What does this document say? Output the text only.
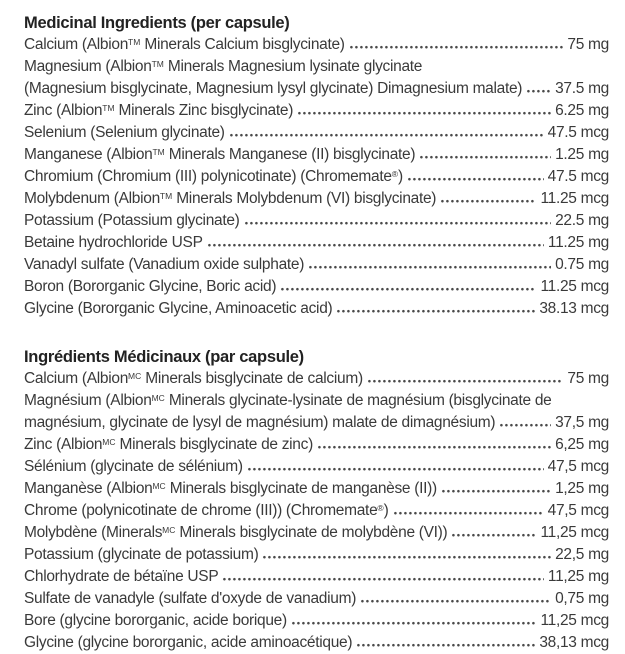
Medicinal Ingredients (per capsule)
Calcium (Albion™ Minerals Calcium bisglycinate)	75 mg
Magnesium (Albion™ Minerals Magnesium lysinate glycinate
(Magnesium bisglycinate, Magnesium lysyl glycinate) Dimagnesium malate) 37.5 mg
Zinc (Albion™ Minerals Zinc bisglycinate)	6.25 mg
Selenium (Selenium glycinate)	47.5 mcg
Manganese (Albion™ Minerals Manganese (II) bisglycinate)	1.25 mg
Chromium (Chromium (III) polynicotinate) (Chromemate®)	47.5 mcg
Molybdenum (Albion™ Minerals Molybdenum (VI) bisglycinate)	11.25 mcg
Potassium (Potassium glycinate)	22.5 mg
Betaine hydrochloride USP	11.25 mg
Vanadyl sulfate (Vanadium oxide sulphate)	0.75 mg
Boron (Bororganic Glycine, Boric acid)	11.25 mcg
Glycine (Bororganic Glycine, Aminoacetic acid)	38.13 mcg
Ingrédients Médicinaux (par capsule)
Calcium (Albion$^{MC}$ Minerals bisglycinate de calcium)	75 mg
Magnésium (Albion$^{MC}$ Minerals glycinate-lysinate de magnésium (bisglycinate de
magnésium, glycinate de lysyl de magnésium) malate de dimagnésium)	37,5 mg
Zinc (Albion$^{MC}$ Minerals bisglycinate de zinc)	6,25 mg
Sélénium (glycinate de sélénium)	47,5 mcg
Manganèse (Albion$^{MC}$ Minerals bisglycinate de manganèse (II))	1,25 mg
Chrome (polynicotinate de chrome (III)) (Chromemate®)	47,5 mcg
Molybdène (Minerals$^{MC}$ Minerals bisglycinate de molybdène (VI))	11,25 mcg
Potassium (glycinate de potassium)	22,5 mg
Chlorhydrate de bétaïne USP	11,25 mg
Sulfate de vanadyle (sulfate d'oxyde de vanadium)	0,75 mg
Bore (glycine bororganic, acide borique)	11,25 mcg
Glycine (glycine bororganic, acide aminoacétique)	38,13 mcg
